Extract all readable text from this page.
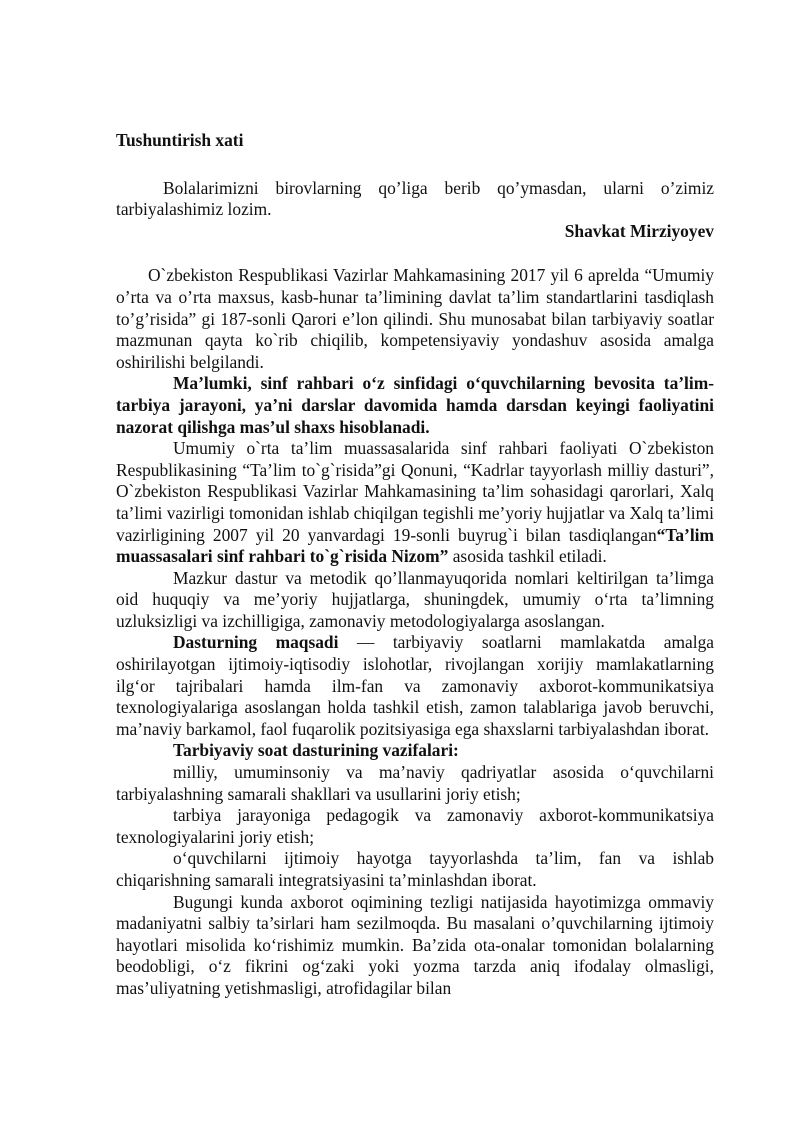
Tushuntirish xati

Bolalarimizni birovlarning qo’liga berib qo’ymasdan, ularni o’zimiz tarbiyalashimiz lozim.

Shavkat Mirziyoyev

O`zbekiston Respublikasi Vazirlar Mahkamasining 2017 yil 6 aprelda “Umumiy o’rta va o’rta maxsus, kasb-hunar ta’limining davlat ta’lim standartlarini tasdiqlash to’g’risida” gi 187-sonli Qarori e’lon qilindi. Shu munosabat bilan tarbiyaviy soatlar mazmunan qayta ko`rib chiqilib, kompetensiyaviy yondashuv asosida amalga oshirilishi belgilandi.

Ma’lumki, sinf rahbari o‘z sinfidagi o‘quvchilarning bevosita ta’lim-tarbiya jarayoni, ya’ni darslar davomida hamda darsdan keyingi faoliyatini nazorat qilishga mas’ul shaxs hisoblanadi.

Umumiy o`rta ta’lim muassasalarida sinf rahbari faoliyati O`zbekiston Respublikasining “Ta’lim to`g`risida”gi Qonuni, “Kadrlar tayyorlash milliy dasturi”, O`zbekiston Respublikasi Vazirlar Mahkamasining ta’lim sohasidagi qarorlari, Xalq ta’limi vazirligi tomonidan ishlab chiqilgan tegishli me’yoriy hujjatlar va Xalq ta’limi vazirligining 2007 yil 20 yanvardagi 19-sonli buyrug`i bilan tasdiqlangan“Ta’lim muassasalari sinf rahbari to`g`risida Nizom” asosida tashkil etiladi.

Mazkur dastur va metodik qo’llanmayuqorida nomlari keltirilgan ta’limga oid huquqiy va me’yoriy hujjatlarga, shuningdek, umumiy o‘rta ta’limning uzluksizligi va izchilligiga, zamonaviy metodologiyalarga asoslangan.

Dasturning maqsadi — tarbiyaviy soatlarni mamlakatda amalga oshirilayotgan ijtimoiy-iqtisodiy islohotlar, rivojlangan xorijiy mamlakatlarning ilg‘or tajribalari hamda ilm-fan va zamonaviy axborot-kommunikatsiya texnologiyalariga asoslangan holda tashkil etish, zamon talablariga javob beruvchi, ma’naviy barkamol, faol fuqarolik pozitsiyasiga ega shaxslarni tarbiyalashdan iborat.

Tarbiyaviy soat dasturining vazifalari:

milliy, umuminsoniy va ma’naviy qadriyatlar asosida o‘quvchilarni tarbiyalashning samarali shakllari va usullarini joriy etish;

tarbiya jarayoniga pedagogik va zamonaviy axborot-kommunikatsiya texnologiyalarini joriy etish;

o‘quvchilarni ijtimoiy hayotga tayyorlashda ta’lim, fan va ishlab chiqarishning samarali integratsiyasini ta’minlashdan iborat.

Bugungi kunda axborot oqimining tezligi natijasida hayotimizga ommaviy madaniyatni salbiy ta’sirlari ham sezilmoqda. Bu masalani o’quvchilarning ijtimoiy hayotlari misolida ko‘rishimiz mumkin. Ba’zida ota-onalar tomonidan bolalarning beodobligi, o‘z fikrini og‘zaki yoki yozma tarzda aniq ifodalay olmasligi, mas’uliyatning yetishmasligi, atrofidagilar bilan
